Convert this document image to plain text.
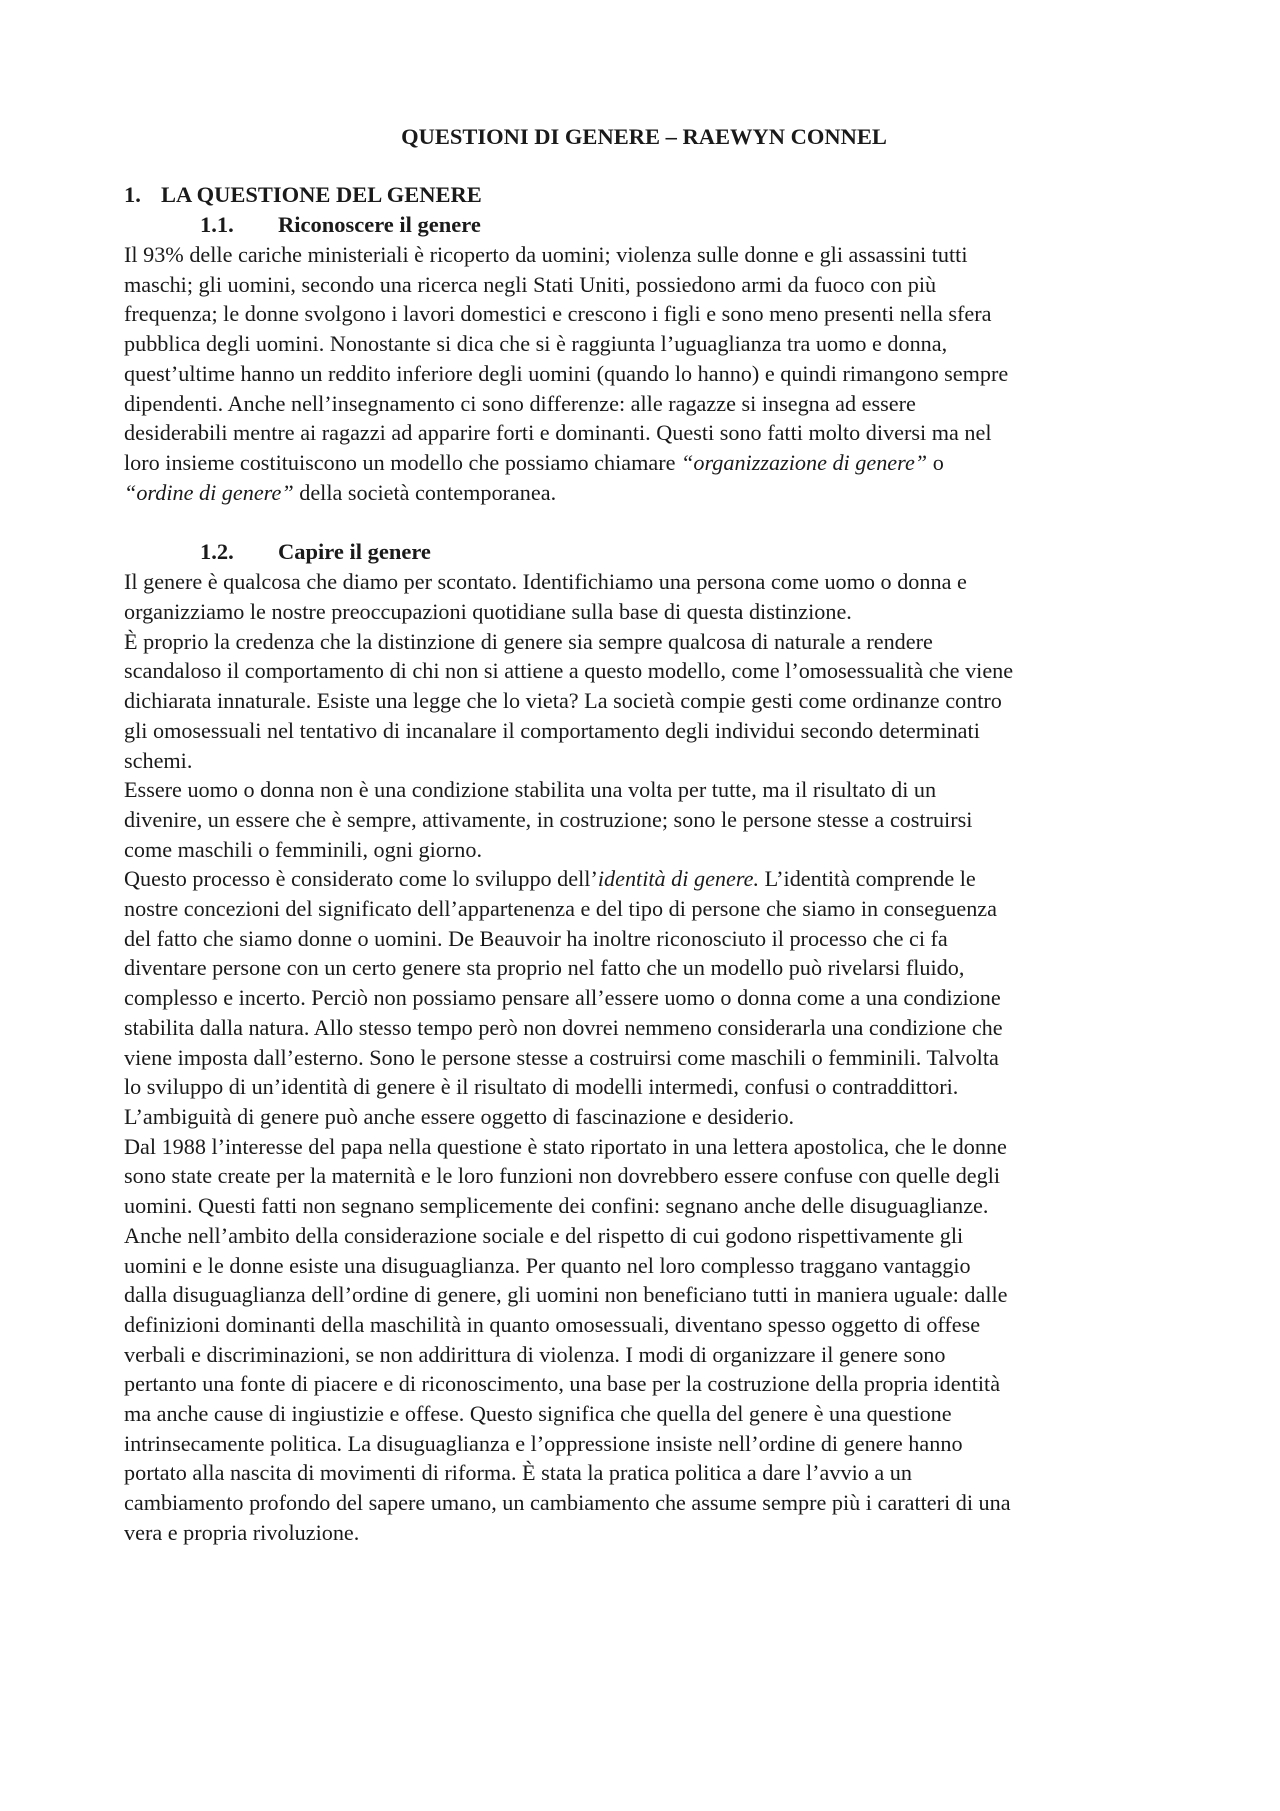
QUESTIONI DI GENERE – RAEWYN CONNEL
1. LA QUESTIONE DEL GENERE
1.1. Riconoscere il genere

Il 93% delle cariche ministeriali è ricoperto da uomini; violenza sulle donne e gli assassini tutti
maschi; gli uomini, secondo una ricerca negli Stati Uniti, possiedono armi da fuoco con più
frequenza; le donne svolgono i lavori domestici e crescono i figli e sono meno presenti nella sfera
pubblica degli uomini. Nonostante si dica che si è raggiunta l’uguaglianza tra uomo e donna,
quest’ultime hanno un reddito inferiore degli uomini (quando lo hanno) e quindi rimangono sempre
dipendenti. Anche nell’insegnamento ci sono differenze: alle ragazze si insegna ad essere
desiderabili mentre ai ragazzi ad apparire forti e dominanti. Questi sono fatti molto diversi ma nel
loro insieme costituiscono un modello che possiamo chiamare “organizzazione di genere” o
“ordine di genere” della società contemporanea.

1.2. Capire il genere

Il genere è qualcosa che diamo per scontato. Identifichiamo una persona come uomo o donna e
organizziamo le nostre preoccupazioni quotidiane sulla base di questa distinzione.
È proprio la credenza che la distinzione di genere sia sempre qualcosa di naturale a rendere
scandaloso il comportamento di chi non si attiene a questo modello, come l’omosessualità che viene
dichiarata innaturale. Esiste una legge che lo vieta? La società compie gesti come ordinanze contro
gli omosessuali nel tentativo di incanalare il comportamento degli individui secondo determinati
schemi.
Essere uomo o donna non è una condizione stabilita una volta per tutte, ma il risultato di un
divenire, un essere che è sempre, attivamente, in costruzione; sono le persone stesse a costruirsi
come maschili o femminili, ogni giorno.
Questo processo è considerato come lo sviluppo dell’identità di genere. L’identità comprende le
nostre concezioni del significato dell’appartenenza e del tipo di persone che siamo in conseguenza
del fatto che siamo donne o uomini. De Beauvoir ha inoltre riconosciuto il processo che ci fa
diventare persone con un certo genere sta proprio nel fatto che un modello può rivelarsi fluido,
complesso e incerto. Perciò non possiamo pensare all’essere uomo o donna come a una condizione
stabilita dalla natura. Allo stesso tempo però non dovrei nemmeno considerarla una condizione che
viene imposta dall’esterno. Sono le persone stesse a costruirsi come maschili o femminili. Talvolta
lo sviluppo di un’identità di genere è il risultato di modelli intermedi, confusi o contraddittori.
L’ambiguità di genere può anche essere oggetto di fascinazione e desiderio.
Dal 1988 l’interesse del papa nella questione è stato riportato in una lettera apostolica, che le donne
sono state create per la maternità e le loro funzioni non dovrebbero essere confuse con quelle degli
uomini. Questi fatti non segnano semplicemente dei confini: segnano anche delle disuguaglianze.
Anche nell’ambito della considerazione sociale e del rispetto di cui godono rispettivamente gli
uomini e le donne esiste una disuguaglianza. Per quanto nel loro complesso traggano vantaggio
dalla disuguaglianza dell’ordine di genere, gli uomini non beneficiano tutti in maniera uguale: dalle
definizioni dominanti della maschilità in quanto omosessuali, diventano spesso oggetto di offese
verbali e discriminazioni, se non addirittura di violenza. I modi di organizzare il genere sono
pertanto una fonte di piacere e di riconoscimento, una base per la costruzione della propria identità
ma anche cause di ingiustizie e offese. Questo significa che quella del genere è una questione
intrinsecamente politica. La disuguaglianza e l’oppressione insiste nell’ordine di genere hanno
portato alla nascita di movimenti di riforma. È stata la pratica politica a dare l’avvio a un
cambiamento profondo del sapere umano, un cambiamento che assume sempre più i caratteri di una
vera e propria rivoluzione.
